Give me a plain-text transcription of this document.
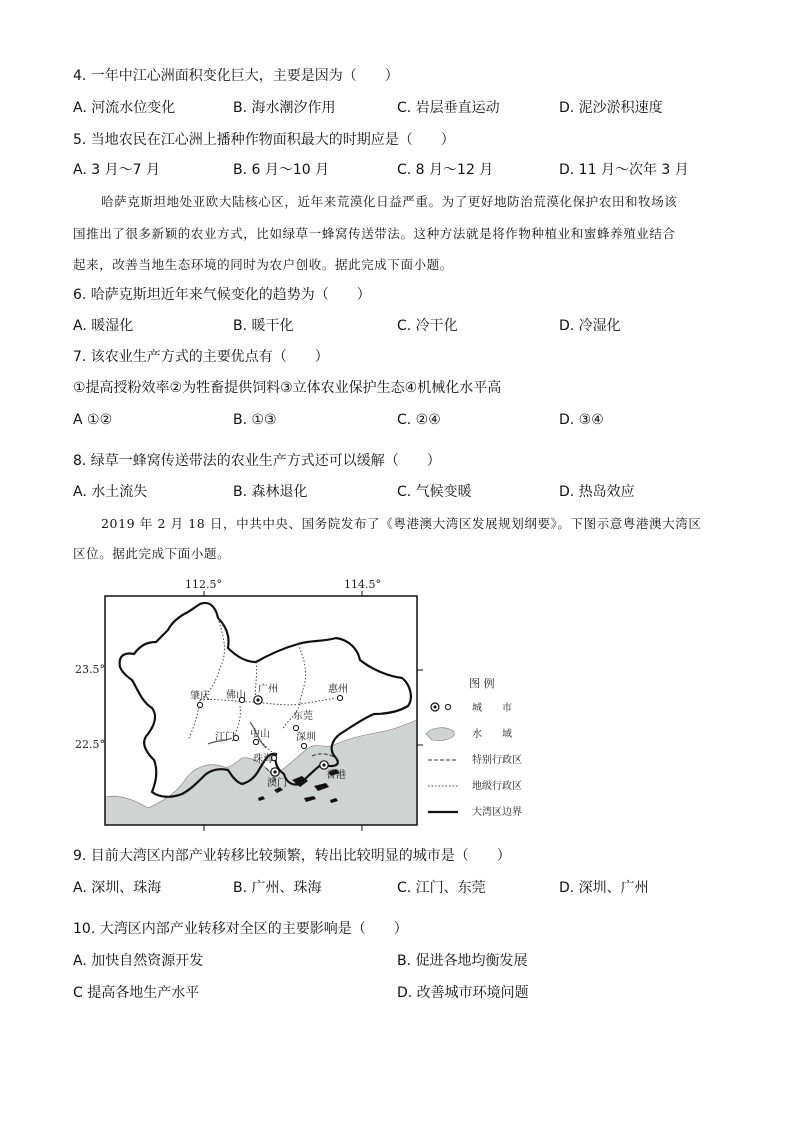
4. 一年中江心洲面积变化巨大，主要是因为（　　）
A. 河流水位变化	B. 海水潮汐作用	C. 岩层垂直运动	D. 泥沙淤积速度
5. 当地农民在江心洲上播种作物面积最大的时期应是（　　）
A. 3 月～7 月	B. 6 月～10 月	C. 8 月～12 月	D. 11 月～次年 3 月
哈萨克斯坦地处亚欧大陆核心区，近年来荒漠化日益严重。为了更好地防治荒漠化保护农田和牧场该
国推出了很多新颖的农业方式，比如绿草一蜂窝传送带法。这种方法就是将作物种植业和蜜蜂养殖业结合
起来，改善当地生态环境的同时为农户创收。据此完成下面小题。
6. 哈萨克斯坦近年来气候变化的趋势为（　　）
A. 暖湿化	B. 暖干化	C. 冷干化	D. 冷湿化
7. 该农业生产方式的主要优点有（　　）
①提高授粉效率②为牲畜提供饲料③立体农业保护生态④机械化水平高
A ①②	B. ①③	C. ②④	D. ③④
8. 绿草一蜂窝传送带法的农业生产方式还可以缓解（　　）
A. 水土流失	B. 森林退化	C. 气候变暖	D. 热岛效应
2019 年 2 月 18 日，中共中央、国务院发布了《粤港澳大湾区发展规划纲要》。下图示意粤港澳大湾区
区位。据此完成下面小题。
112.5°	114.5°
23.5°
22.5°
肇庆 佛山
广州	惠州
东莞
江门 中山	深圳
珠海
澳门
香港
图 例
城　　市
水　　域
特别行政区
地级行政区
大湾区边界
9. 目前大湾区内部产业转移比较频繁，转出比较明显的城市是（　　）
A. 深圳、珠海	B. 广州、珠海	C. 江门、东莞	D. 深圳、广州
10. 大湾区内部产业转移对全区的主要影响是（　　）
A. 加快自然资源开发	B. 促进各地均衡发展
C 提高各地生产水平	D. 改善城市环境问题
